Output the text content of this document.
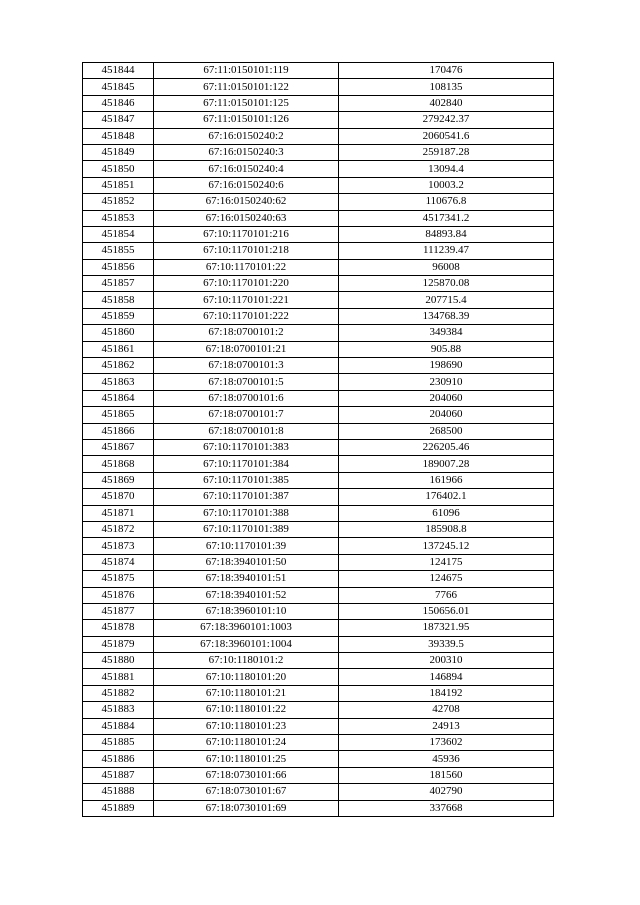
451844	67:11:0150101:119	170476
451845	67:11:0150101:122	108135
451846	67:11:0150101:125	402840
451847	67:11:0150101:126	279242.37
451848	67:16:0150240:2	2060541.6
451849	67:16:0150240:3	259187.28
451850	67:16:0150240:4	13094.4
451851	67:16:0150240:6	10003.2
451852	67:16:0150240:62	110676.8
451853	67:16:0150240:63	4517341.2
451854	67:10:1170101:216	84893.84
451855	67:10:1170101:218	111239.47
451856	67:10:1170101:22	96008
451857	67:10:1170101:220	125870.08
451858	67:10:1170101:221	207715.4
451859	67:10:1170101:222	134768.39
451860	67:18:0700101:2	349384
451861	67:18:0700101:21	905.88
451862	67:18:0700101:3	198690
451863	67:18:0700101:5	230910
451864	67:18:0700101:6	204060
451865	67:18:0700101:7	204060
451866	67:18:0700101:8	268500
451867	67:10:1170101:383	226205.46
451868	67:10:1170101:384	189007.28
451869	67:10:1170101:385	161966
451870	67:10:1170101:387	176402.1
451871	67:10:1170101:388	61096
451872	67:10:1170101:389	185908.8
451873	67:10:1170101:39	137245.12
451874	67:18:3940101:50	124175
451875	67:18:3940101:51	124675
451876	67:18:3940101:52	7766
451877	67:18:3960101:10	150656.01
451878	67:18:3960101:1003	187321.95
451879	67:18:3960101:1004	39339.5
451880	67:10:1180101:2	200310
451881	67:10:1180101:20	146894
451882	67:10:1180101:21	184192
451883	67:10:1180101:22	42708
451884	67:10:1180101:23	24913
451885	67:10:1180101:24	173602
451886	67:10:1180101:25	45936
451887	67:18:0730101:66	181560
451888	67:18:0730101:67	402790
451889	67:18:0730101:69	337668
